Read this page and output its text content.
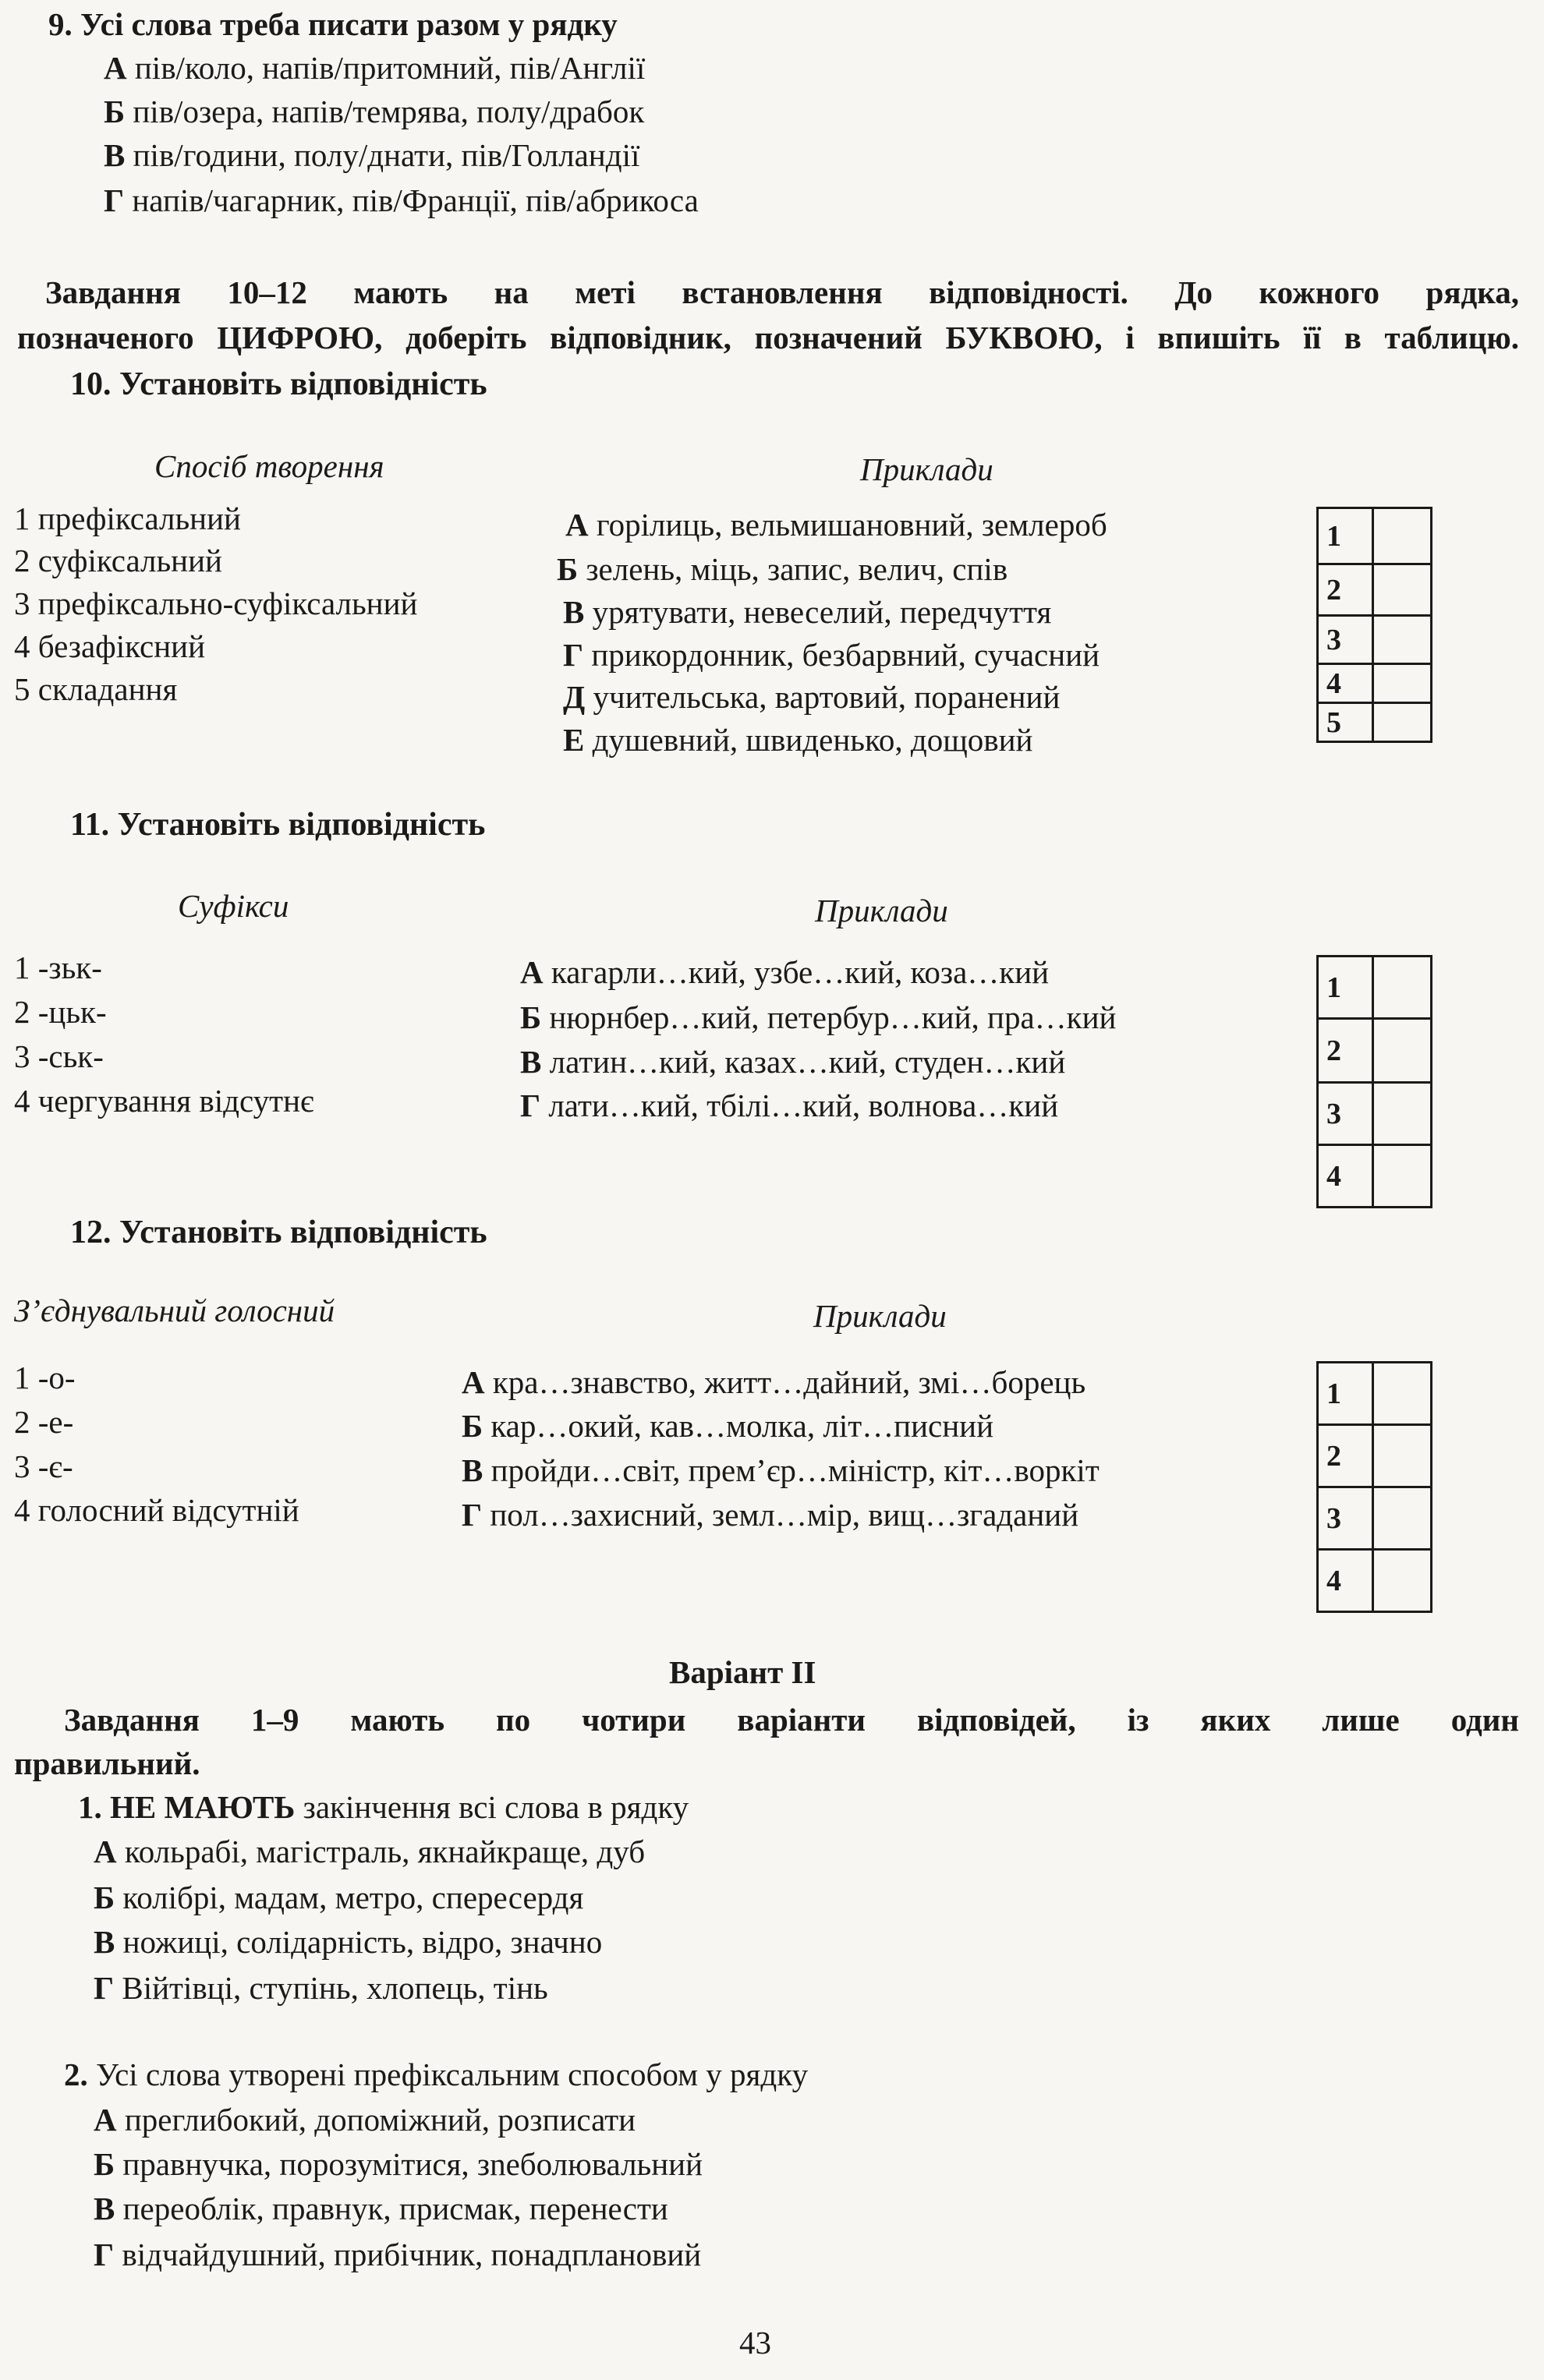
9. Усі слова треба писати разом у рядку
А пів/коло, напів/притомний, пів/Англії
Б пів/озера, напів/темрява, полу/драбок
В пів/години, полу/днати, пів/Голландії
Г напів/чагарник, пів/Франції, пів/абрикоса
Завдання 10–12 мають на меті встановлення відповідності. До кожного рядка,
позначеного ЦИФРОЮ, доберіть відповідник, позначений БУКВОЮ, і впишіть її в таблицю.
10. Установіть відповідність
Спосіб творення	Приклади
1 префіксальний
2 суфіксальний
3 префіксально-суфіксальний
4 безафіксний
5 складання
А горілиць, вельмишановний, землероб
Б зелень, міць, запис, велич, спів
В урятувати, невеселий, передчуття
Г прикордонник, безбарвний, сучасний
Д учительська, вартовий, поранений
Е душевний, швиденько, дощовий
1	
2	
3	
4	
5	
11. Установіть відповідність
Суфікси	Приклади
1 -зьк-
2 -цьк-
3 -ськ-
4 чергування відсутнє
А кагарли…кий, узбе…кий, коза…кий
Б нюрнбер…кий, петербур…кий, пра…кий
В латин…кий, казах…кий, студен…кий
Г лати…кий, тбілі…кий, волнова…кий
1	
2	
3	
4	
12. Установіть відповідність
З’єднувальний голосний	Приклади
1 -о-
2 -е-
3 -є-
4 голосний відсутній
А кра…знавство, житт…дайний, змі…борець
Б кар…окий, кав…молка, літ…писний
В пройди…світ, прем’єр…міністр, кіт…воркіт
Г пол…захисний, земл…мір, вищ…згаданий
1	
2	
3	
4	
Варіант ІІ
Завдання 1–9 мають по чотири варіанти відповідей, із яких лише один
правильний.
1. НЕ МАЮТЬ закінчення всі слова в рядку
А кольрабі, магістраль, якнайкраще, дуб
Б колібрі, мадам, метро, спересердя
В ножиці, солідарність, відро, значно
Г Війтівці, ступінь, хлопець, тінь
2. Усі слова утворені префіксальним способом у рядку
А преглибокий, допоміжний, розписати
Б правнучка, порозумітися, зneболювальний
В переоблік, правнук, присмак, перенести
Г відчайдушний, прибічник, понадплановий
43
